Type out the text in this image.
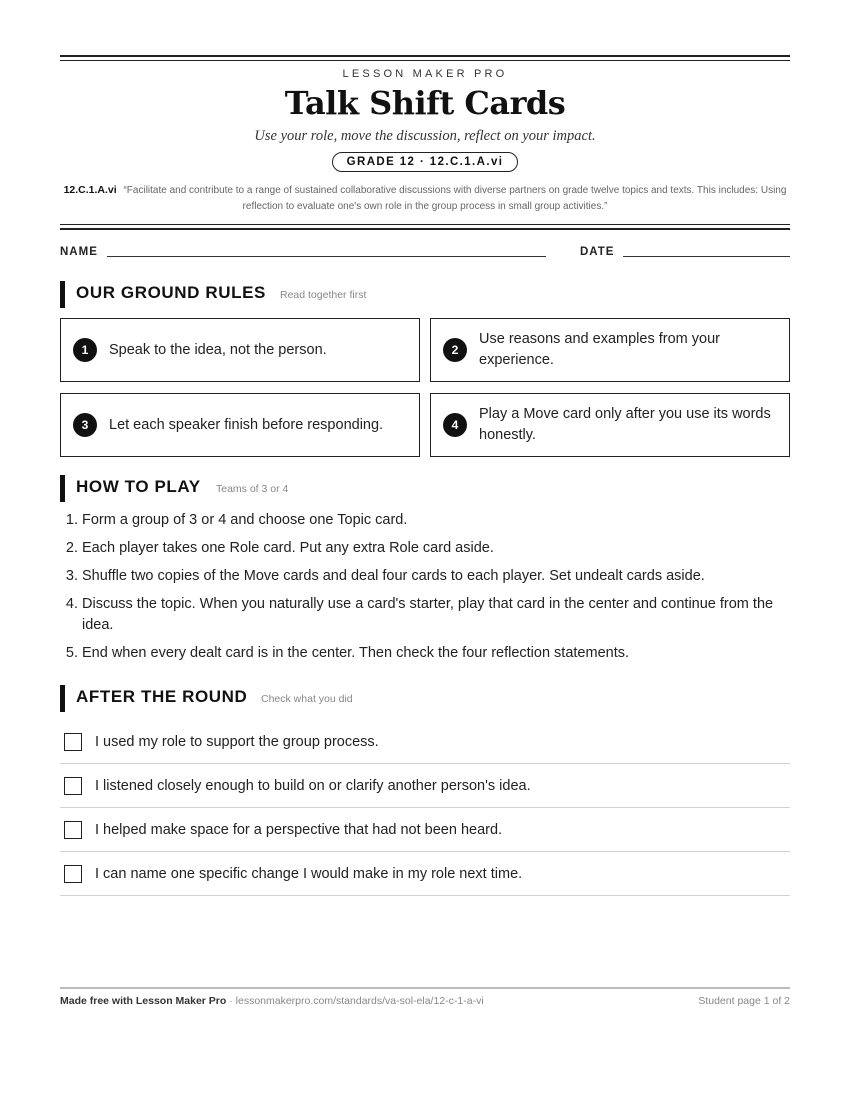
LESSON MAKER PRO
Talk Shift Cards
Use your role, move the discussion, reflect on your impact.
GRADE 12 · 12.C.1.A.vi
12.C.1.A.vi “Facilitate and contribute to a range of sustained collaborative discussions with diverse partners on grade twelve topics and texts. This includes: Using reflection to evaluate one's own role in the group process in small group activities.”
NAME	DATE
OUR GROUND RULES Read together first
1	Speak to the idea, not the person.	2
Use reasons and examples from your experience.
3	Let each speaker finish before responding.	4
Play a Move card only after you use its words honestly.
HOW TO PLAY Teams of 3 or 4
1. Form a group of 3 or 4 and choose one Topic card.
2. Each player takes one Role card. Put any extra Role card aside.
3. Shuffle two copies of the Move cards and deal four cards to each player. Set undealt cards aside.
4. Discuss the topic. When you naturally use a card's starter, play that card in the center and continue from the idea.
5. End when every dealt card is in the center. Then check the four reflection statements.
AFTER THE ROUND Check what you did
I used my role to support the group process.
I listened closely enough to build on or clarify another person's idea.
I helped make space for a perspective that had not been heard.
I can name one specific change I would make in my role next time.
Made free with Lesson Maker Pro · lessonmakerpro.com/standards/va-sol-ela/12-c-1-a-vi	Student page 1 of 2
